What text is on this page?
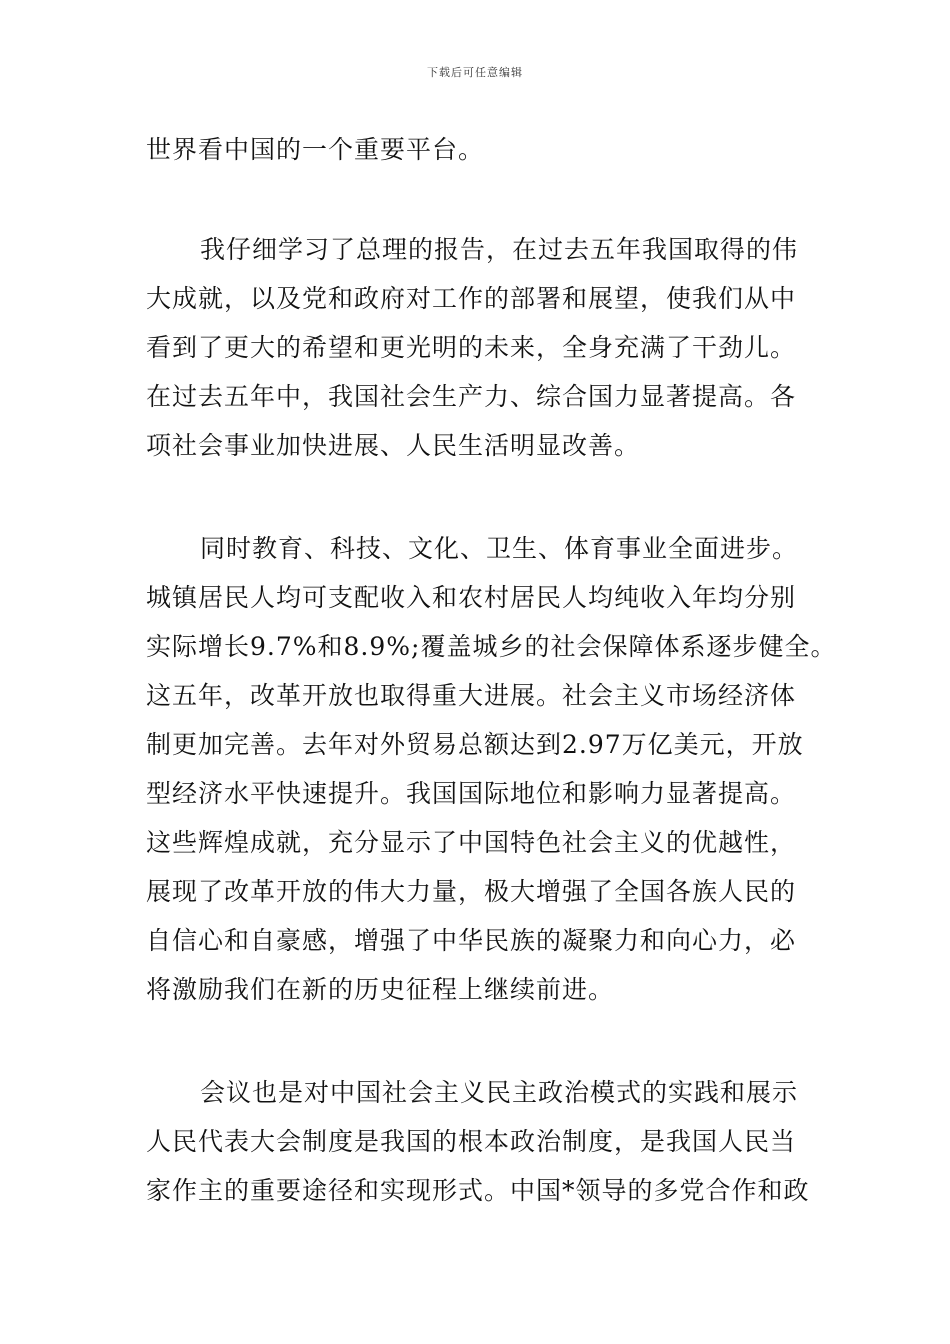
下载后可任意编辑
世界看中国的一个重要平台。
我仔细学习了总理的报告，在过去五年我国取得的伟
大成就，以及党和政府对工作的部署和展望，使我们从中
看到了更大的希望和更光明的未来，全身充满了干劲儿。
在过去五年中，我国社会生产力、综合国力显著提高。各
项社会事业加快进展、人民生活明显改善。
同时教育、科技、文化、卫生、体育事业全面进步。
城镇居民人均可支配收入和农村居民人均纯收入年均分别
实际增长9.7%和8.9%;覆盖城乡的社会保障体系逐步健全。
这五年，改革开放也取得重大进展。社会主义市场经济体
制更加完善。去年对外贸易总额达到2.97万亿美元，开放
型经济水平快速提升。我国国际地位和影响力显著提高。
这些辉煌成就，充分显示了中国特色社会主义的优越性，
展现了改革开放的伟大力量，极大增强了全国各族人民的
自信心和自豪感，增强了中华民族的凝聚力和向心力，必
将激励我们在新的历史征程上继续前进。
会议也是对中国社会主义民主政治模式的实践和展示
人民代表大会制度是我国的根本政治制度，是我国人民当
家作主的重要途径和实现形式。中国*领导的多党合作和政
